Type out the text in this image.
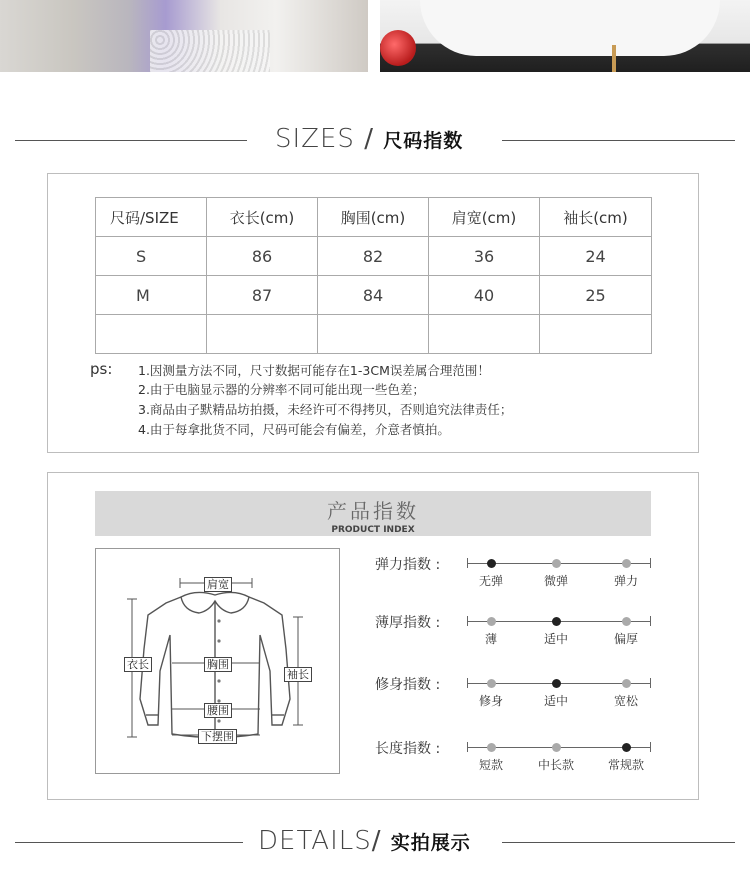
SIZES / 尺码指数
尺码/SIZE	衣长(cm)	胸围(cm)	肩宽(cm)	袖长(cm)
S	86	82	36	24
M	87	84	40	25

ps: 1.因测量方法不同，尺寸数据可能存在1-3CM误差属合理范围！
2.由于电脑显示器的分辨率不同可能出现一些色差；
3.商品由子默精品坊拍摄，未经许可不得拷贝，否则追究法律责任；
4.由于每拿批货不同，尺码可能会有偏差，介意者慎拍。
产品指数
PRODUCT INDEX
肩宽
胸围
衣长
袖长
腰围
下摆围
弹力指数 :
无弹	微弹	弹力
薄厚指数 :
薄	适中	偏厚
修身指数 :
修身	适中	宽松
长度指数 :
短款	中长款	常规款
DETAILS/ 实拍展示
